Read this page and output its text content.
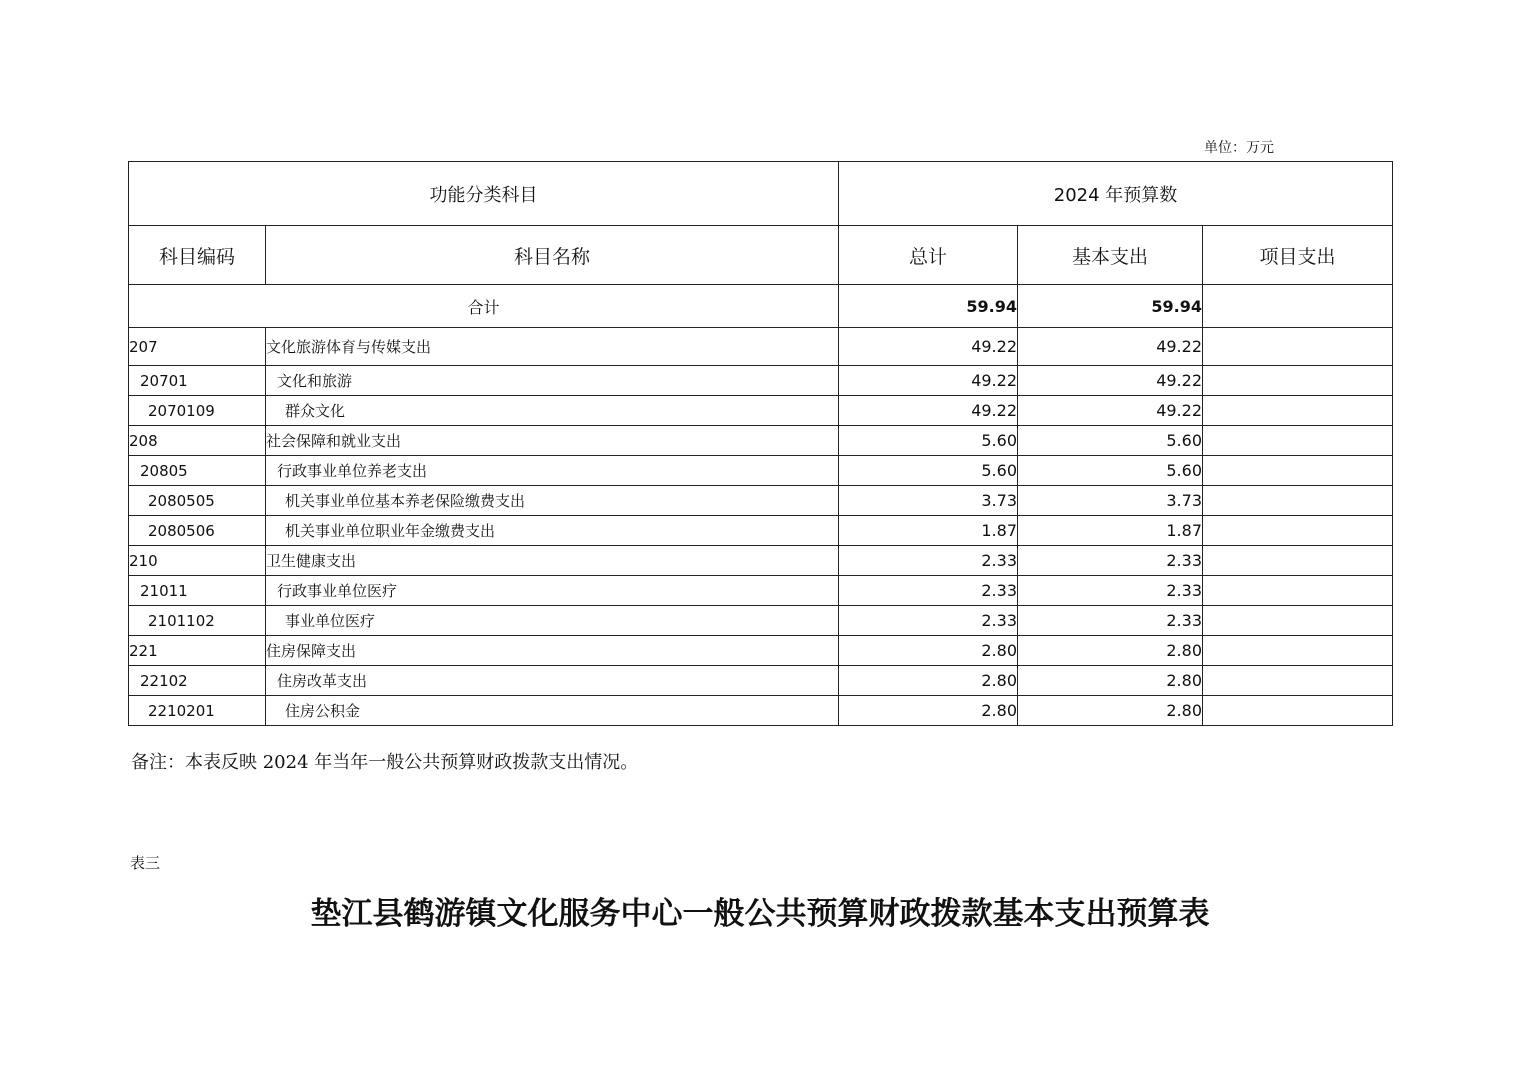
单位：万元
功能分类科目		2024 年预算数		
科目编码	科目名称	总计	基本支出	项目支出
合计		59.94	59.94	
207	文化旅游体育与传媒支出	49.22	49.22	
20701	文化和旅游	49.22	49.22	
2070109	群众文化	49.22	49.22	
208	社会保障和就业支出	5.60	5.60	
20805	行政事业单位养老支出	5.60	5.60	
2080505	机关事业单位基本养老保险缴费支出	3.73	3.73	
2080506	机关事业单位职业年金缴费支出	1.87	1.87	
210	卫生健康支出	2.33	2.33	
21011	行政事业单位医疗	2.33	2.33	
2101102	事业单位医疗	2.33	2.33	
221	住房保障支出	2.80	2.80	
22102	住房改革支出	2.80	2.80	
2210201	住房公积金	2.80	2.80	
备注：本表反映 2024 年当年一般公共预算财政拨款支出情况。
表三
垫江县鹤游镇文化服务中心一般公共预算财政拨款基本支出预算表
